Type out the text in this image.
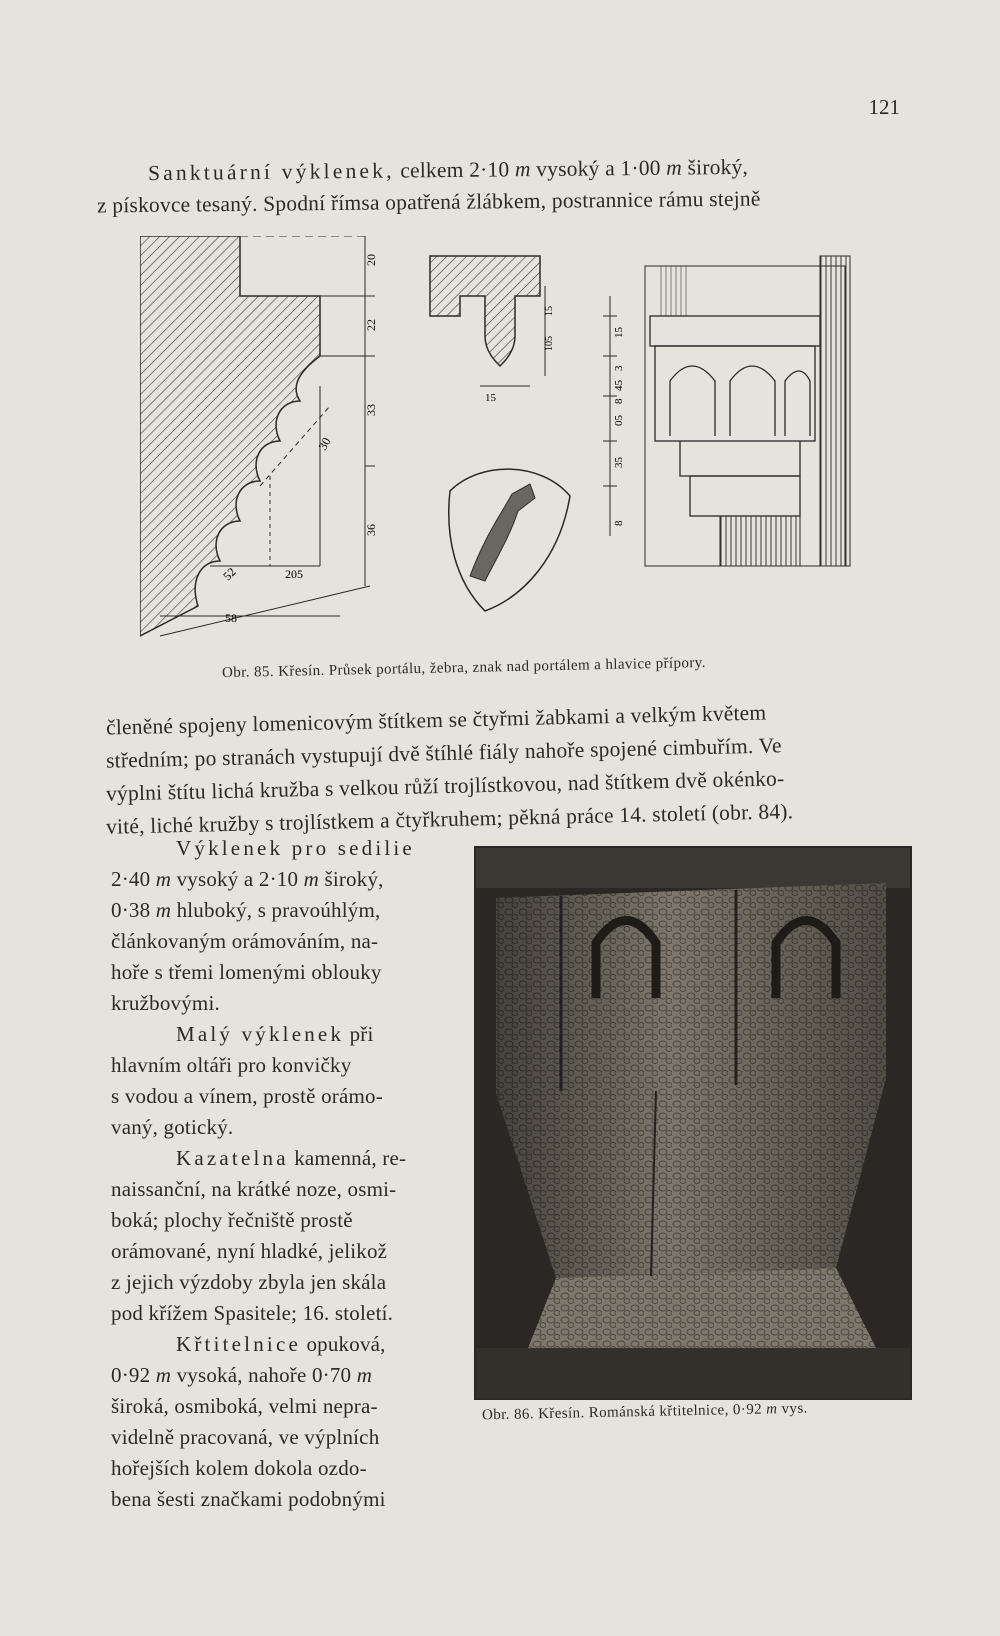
121
Sanktuární výklenek, celkem 2·10 m vysoký a 1·00 m široký,
z pískovce tesaný. Spodní římsa opatřená žlábkem, postrannice rámu stejně
20
22
33
36
30
52	205
58
15
105
15
15
3
45
8
05
35
8
Obr. 85. Křesín. Průsek portálu, žebra, znak nad portálem a hlavice přípory.
členěné spojeny lomenicovým štítkem se čtyřmi žabkami a velkým květem
středním; po stranách vystupují dvě štíhlé fiály nahoře spojené cimbuřím. Ve
výplni štítu lichá kružba s velkou růží trojlístkovou, nad štítkem dvě okénko-
vité, liché kružby s trojlístkem a čtyřkruhem; pěkná práce 14. století (obr. 84).
Výklenek pro sedilie
2·40 m vysoký a 2·10 m široký,
0·38 m hluboký, s pravoúhlým,
článkovaným orámováním, na-
hoře s třemi lomenými oblouky
kružbovými.
Malý výklenek při
hlavním oltáři pro konvičky
s vodou a vínem, prostě orámo-
vaný, gotický.
Kazatelna kamenná, re-
naissanční, na krátké noze, osmi-
boká; plochy řečniště prostě
orámované, nyní hladké, jelikož
z jejich výzdoby zbyla jen skála
pod křížem Spasitele; 16. století.
Křtitelnice opuková,
0·92 m vysoká, nahoře 0·70 m
široká, osmiboká, velmi nepra-
videlně pracovaná, ve výplních
hořejších kolem dokola ozdo-
bena šesti značkami podobnými
Obr. 86. Křesín. Románská křtitelnice, 0·92 m vys.
